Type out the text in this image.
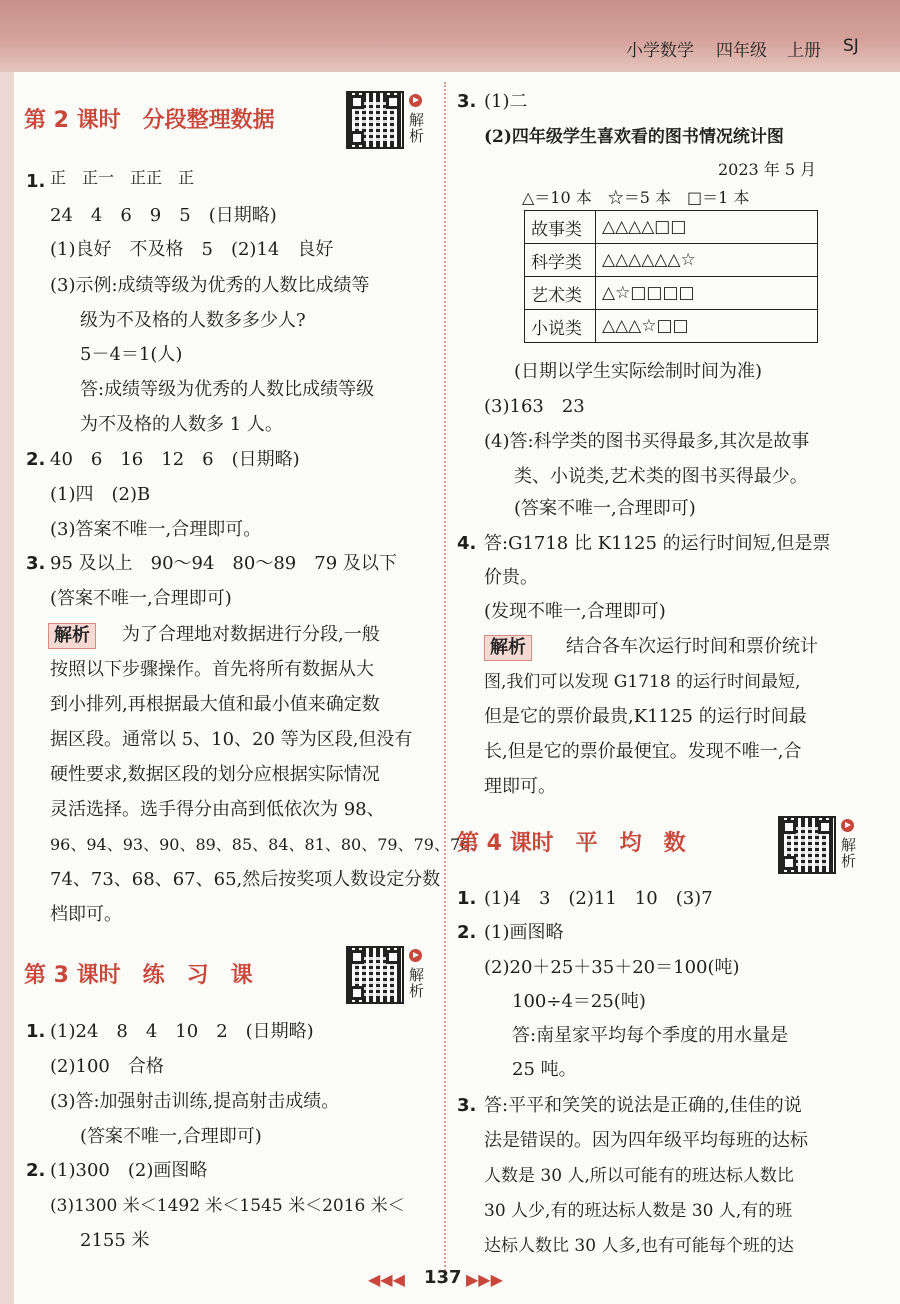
小学数学 四年级 上册 SJ
第 2 课时　分段整理数据	解析
1. 正　正一　正正　正
24　4　6　9　5　(日期略)
(1)良好　不及格　5　(2)14　良好
(3)示例:成绩等级为优秀的人数比成绩等
级为不及格的人数多多少人?
5－4＝1(人)
答:成绩等级为优秀的人数比成绩等级
为不及格的人数多 1 人。
2. 40　6　16　12　6　(日期略)
(1)四　(2)B
(3)答案不唯一,合理即可。
3. 95 及以上　90～94　80～89　79 及以下
(答案不唯一,合理即可)
解析	为了合理地对数据进行分段,一般
按照以下步骤操作。首先将所有数据从大
到小排列,再根据最大值和最小值来确定数
据区段。通常以 5、10、20 等为区段,但没有
硬性要求,数据区段的划分应根据实际情况
灵活选择。选手得分由高到低依次为 98、
96、94、93、90、89、85、84、81、80、79、79、76、
74、73、68、67、65,然后按奖项人数设定分数
档即可。
第 3 课时　练　习　课	解析
1. (1)24　8　4　10　2　(日期略)
(2)100　合格
(3)答:加强射击训练,提高射击成绩。
(答案不唯一,合理即可)
2. (1)300　(2)画图略
(3)1300 米＜1492 米＜1545 米＜2016 米＜
2155 米
3. (1)二
(2)四年级学生喜欢看的图书情况统计图
2023 年 5 月
△＝10 本　☆＝5 本　□＝1 本
故事类	△△△△□□
科学类	△△△△△△☆
艺术类	△☆□□□□
小说类	△△△☆□□
(日期以学生实际绘制时间为准)
(3)163　23
(4)答:科学类的图书买得最多,其次是故事
类、小说类,艺术类的图书买得最少。
(答案不唯一,合理即可)
4. 答:G1718 比 K1125 的运行时间短,但是票
价贵。
(发现不唯一,合理即可)
解析	结合各车次运行时间和票价统计
图,我们可以发现 G1718 的运行时间最短,
但是它的票价最贵,K1125 的运行时间最
长,但是它的票价最便宜。发现不唯一,合
理即可。
第 4 课时　平　均　数	解析
1. (1)4　3　(2)11　10　(3)7
2. (1)画图略
(2)20＋25＋35＋20＝100(吨)
100÷4＝25(吨)
答:南星家平均每个季度的用水量是
25 吨。
3. 答:平平和笑笑的说法是正确的,佳佳的说
法是错误的。因为四年级平均每班的达标
人数是 30 人,所以可能有的班达标人数比
30 人少,有的班达标人数是 30 人,有的班
达标人数比 30 人多,也有可能每个班的达
◀◀◀ 137 ▶▶▶
